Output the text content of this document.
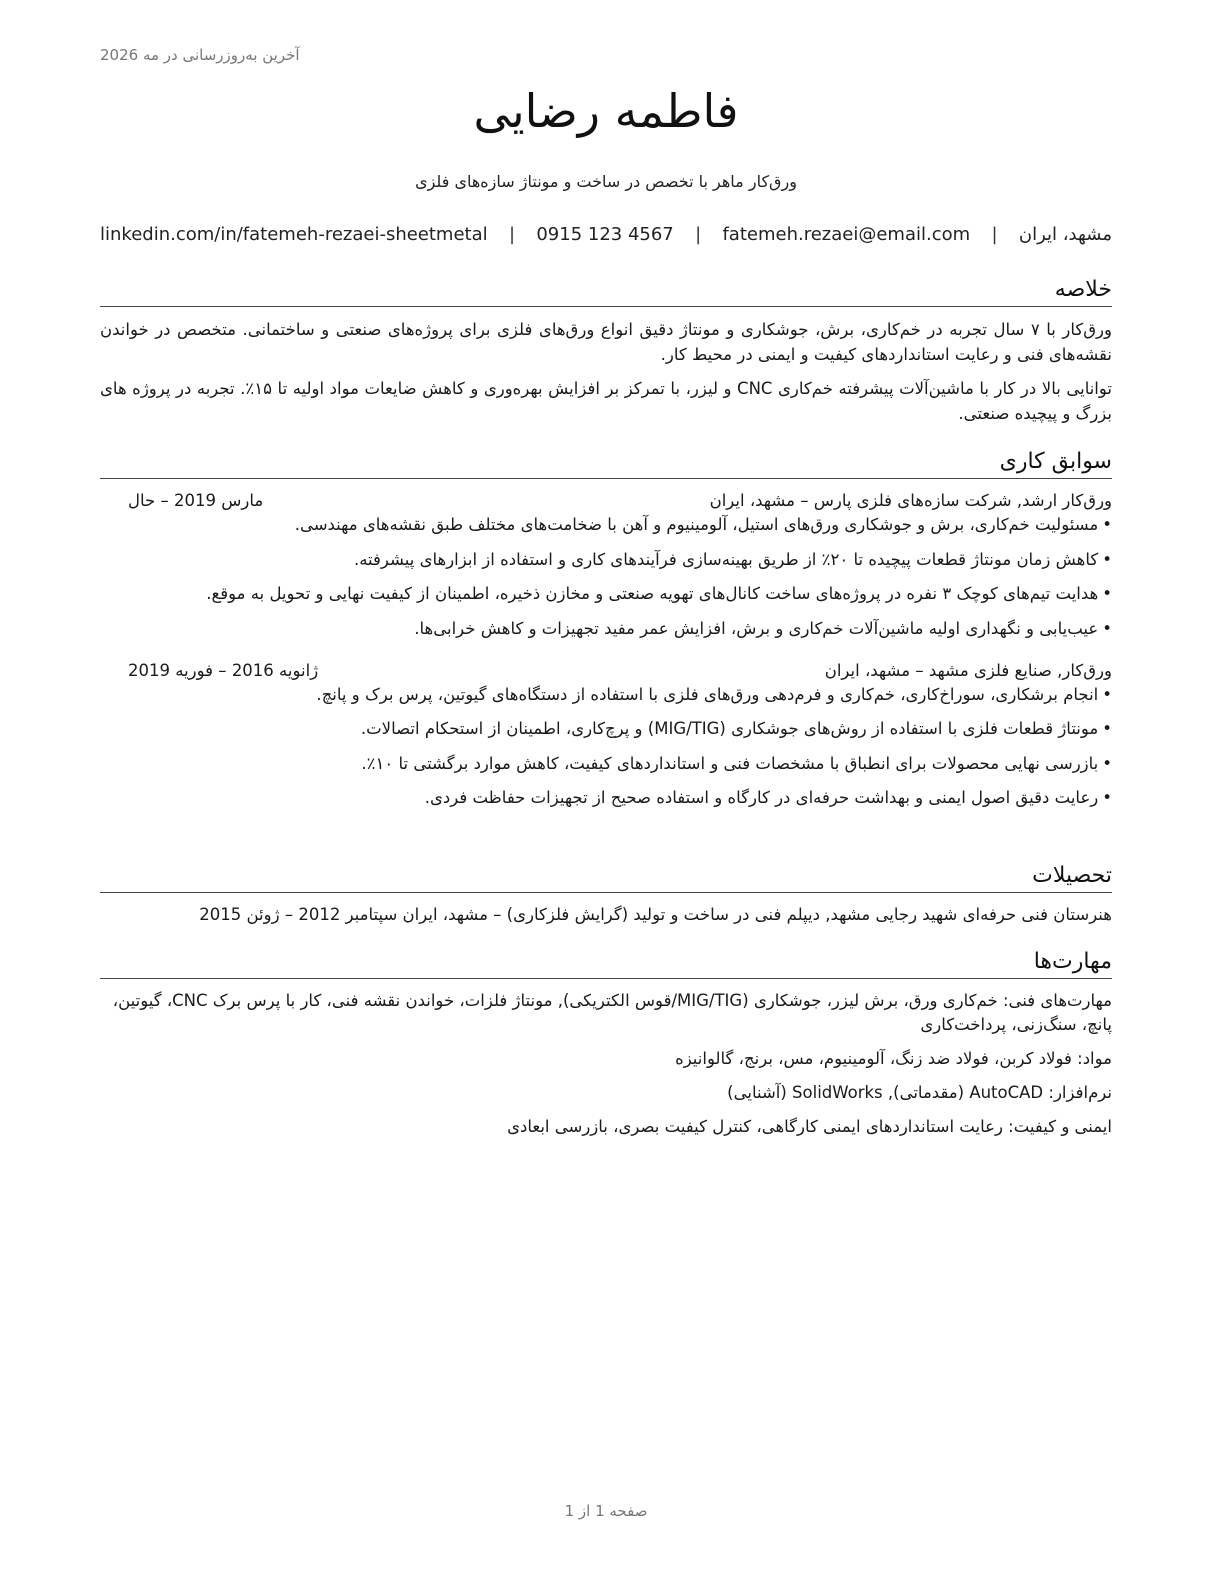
آخرین به‌روزرسانی در مه 2026
فاطمه رضایی
ورق‌کار ماهر با تخصص در ساخت و مونتاژ سازه‌های فلزی
مشهد، ایران
|
fatemeh.rezaei@email.com
|
0915 123 4567
|
linkedin.com/in/fatemeh-rezaei-sheetmetal
خلاصه

ورق‌کار با ۷ سال تجربه در خم‌کاری، برش، جوشکاری و مونتاژ دقیق انواع ورق‌های فلزی برای پروژه‌های صنعتی و ساختمانی. متخصص در خواندن نقشه‌های فنی و رعایت استانداردهای کیفیت و ایمنی در محیط کار.

توانایی بالا در کار با ماشین‌آلات پیشرفته خم‌کاری CNC و لیزر، با تمرکز بر افزایش بهره‌وری و کاهش ضایعات مواد اولیه تا ۱۵٪. تجربه در پروژه های بزرگ و پیچیده صنعتی.

سوابق کاری
ورق‌کار ارشد, شرکت سازه‌های فلزی پارس – مشهد، ایران
مارس 2019 – حال
•مسئولیت خم‌کاری، برش و جوشکاری ورق‌های استیل، آلومینیوم و آهن با ضخامت‌های مختلف طبق نقشه‌های مهندسی.
•کاهش زمان مونتاژ قطعات پیچیده تا ۲۰٪ از طریق بهینه‌سازی فرآیندهای کاری و استفاده از ابزارهای پیشرفته.
•هدایت تیم‌های کوچک ۳ نفره در پروژه‌های ساخت کانال‌های تهویه صنعتی و مخازن ذخیره، اطمینان از کیفیت نهایی و تحویل به موقع.
•عیب‌یابی و نگهداری اولیه ماشین‌آلات خم‌کاری و برش، افزایش عمر مفید تجهیزات و کاهش خرابی‌ها.
ورق‌کار, صنایع فلزی مشهد – مشهد، ایران
ژانویه 2016 – فوریه 2019
•انجام برشکاری، سوراخ‌کاری، خم‌کاری و فرم‌دهی ورق‌های فلزی با استفاده از دستگاه‌های گیوتین، پرس برک و پانچ.
•مونتاژ قطعات فلزی با استفاده از روش‌های جوشکاری (MIG/TIG) و پرچ‌کاری، اطمینان از استحکام اتصالات.
•بازرسی نهایی محصولات برای انطباق با مشخصات فنی و استانداردهای کیفیت، کاهش موارد برگشتی تا ۱۰٪.
•رعایت دقیق اصول ایمنی و بهداشت حرفه‌ای در کارگاه و استفاده صحیح از تجهیزات حفاظت فردی.
تحصیلات
هنرستان فنی حرفه‌ای شهید رجایی مشهد, دیپلم فنی در ساخت و تولید (گرایش فلزکاری) – مشهد، ایران سپتامبر 2012 – ژوئن 2015
مهارت‌ها

مهارت‌های فنی: خم‌کاری ورق، برش لیزر، جوشکاری (MIG/TIG/قوس الکتریکی), مونتاژ فلزات، خواندن نقشه فنی، کار با پرس برک CNC، گیوتین، پانچ، سنگ‌زنی، پرداخت‌کاری

مواد: فولاد کربن، فولاد ضد زنگ، آلومینیوم، مس، برنج، گالوانیزه

نرم‌افزار: AutoCAD (مقدماتی), SolidWorks (آشنایی)

ایمنی و کیفیت: رعایت استانداردهای ایمنی کارگاهی، کنترل کیفیت بصری، بازرسی ابعادی

صفحه 1 از 1
